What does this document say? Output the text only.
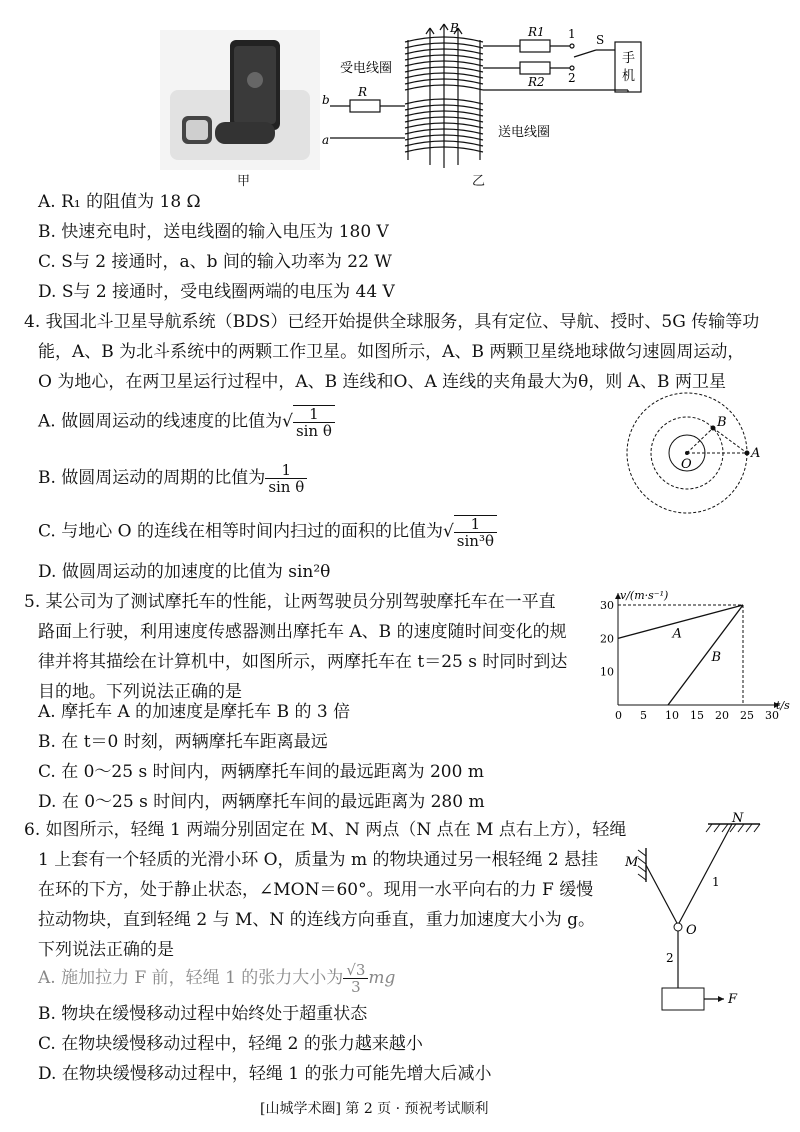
甲
B
受电线圈
送电线圈
R1
R2
R
1
2
S
手
机
b
a
乙
A. R₁ 的阻值为 18 Ω
B. 快速充电时，送电线圈的输入电压为 180 V
C. S与 2 接通时，a、b 间的输入功率为 22 W
D. S与 2 接通时，受电线圈两端的电压为 44 V
4. 我国北斗卫星导航系统（BDS）已经开始提供全球服务，具有定位、导航、授时、5G 传输等功
能，A、B 为北斗系统中的两颗工作卫星。如图所示，A、B 两颗卫星绕地球做匀速圆周运动，
O 为地心，在两卫星运行过程中，A、B 连线和O、A 连线的夹角最大为θ，则 A、B 两卫星
A. 做圆周运动的线速度的比值为√ $\frac{1}{\text{sin θ}}$
B. 做圆周运动的周期的比值为 $\frac{1}{\text{sin θ}}$
C. 与地心 O 的连线在相等时间内扫过的面积的比值为√ $\frac{1}{\text{sin³θ}}$
D. 做圆周运动的加速度的比值为 sin²θ
B
A
O
5. 某公司为了测试摩托车的性能，让两驾驶员分别驾驶摩托车在一平直
路面上行驶，利用速度传感器测出摩托车 A、B 的速度随时间变化的规
律并将其描绘在计算机中，如图所示，两摩托车在 t＝25 s 时同时到达
目的地。下列说法正确的是
A. 摩托车 A 的加速度是摩托车 B 的 3 倍
B. 在 t＝0 时刻，两辆摩托车距离最远
C. 在 0～25 s 时间内，两辆摩托车间的最远距离为 200 m
D. 在 0～25 s 时间内，两辆摩托车间的最远距离为 280 m
0 5 10 15 20 25 30
10
20
30
t/s
v/(m·s⁻¹)
A
B
6. 如图所示，轻绳 1 两端分别固定在 M、N 两点（N 点在 M 点右上方），轻绳
1 上套有一个轻质的光滑小环 O，质量为 m 的物块通过另一根轻绳 2 悬挂
在环的下方，处于静止状态，∠MON＝60°。现用一水平向右的力 F 缓慢
拉动物块，直到轻绳 2 与 M、N 的连线方向垂直，重力加速度大小为 g。
下列说法正确的是
A. 施加拉力 F 前，轻绳 1 的张力大小为 $\frac{√3}{3}$ mg
B. 物块在缓慢移动过程中始终处于超重状态
C. 在物块缓慢移动过程中，轻绳 2 的张力越来越小
D. 在物块缓慢移动过程中，轻绳 1 的张力可能先增大后减小
N
M
O
F
1
2
[山城学术圈] 第 2 页 · 预祝考试顺利
